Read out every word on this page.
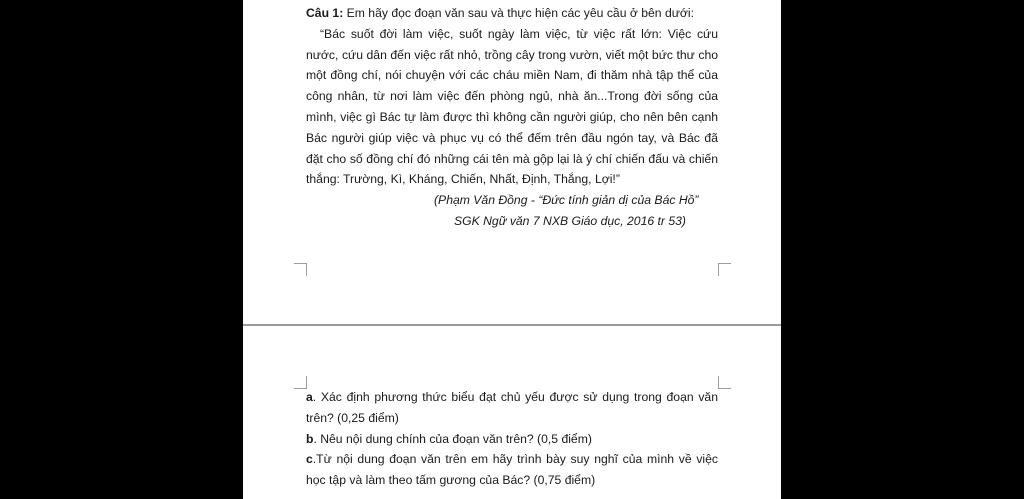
Câu 1: Em hãy đọc đoạn văn sau và thực hiện các yêu cầu ở bên dưới:
“Bác suốt đời làm việc, suốt ngày làm việc, từ việc rất lớn: Việc cứu
nước, cứu dân đến việc rất nhỏ, trồng cây trong vườn, viết một bức thư cho
một đồng chí, nói chuyện với các cháu miền Nam, đi thăm nhà tập thể của
công nhân, từ nơi làm việc đến phòng ngủ, nhà ăn...Trong đời sống của
mình, việc gì Bác tự làm được thì không cần người giúp, cho nên bên cạnh
Bác người giúp việc và phục vụ có thể đếm trên đầu ngón tay, và Bác đã
đặt cho số đồng chí đó những cái tên mà gộp lại là ý chí chiến đấu và chiến
thắng: Trường, Kì, Kháng, Chiến, Nhất, Định, Thắng, Lợi!”
(Phạm Văn Đồng - “Đức tính giản dị của Bác Hồ”
SGK Ngữ văn 7 NXB Giáo dục, 2016 tr 53)
a. Xác định phương thức biểu đạt chủ yếu được sử dụng trong đoạn văn
trên? (0,25 điểm)
b. Nêu nội dung chính của đoạn văn trên? (0,5 điểm)
c.Từ nội dung đoạn văn trên em hãy trình bày suy nghĩ của mình về việc
học tập và làm theo tấm gương của Bác? (0,75 điểm)
